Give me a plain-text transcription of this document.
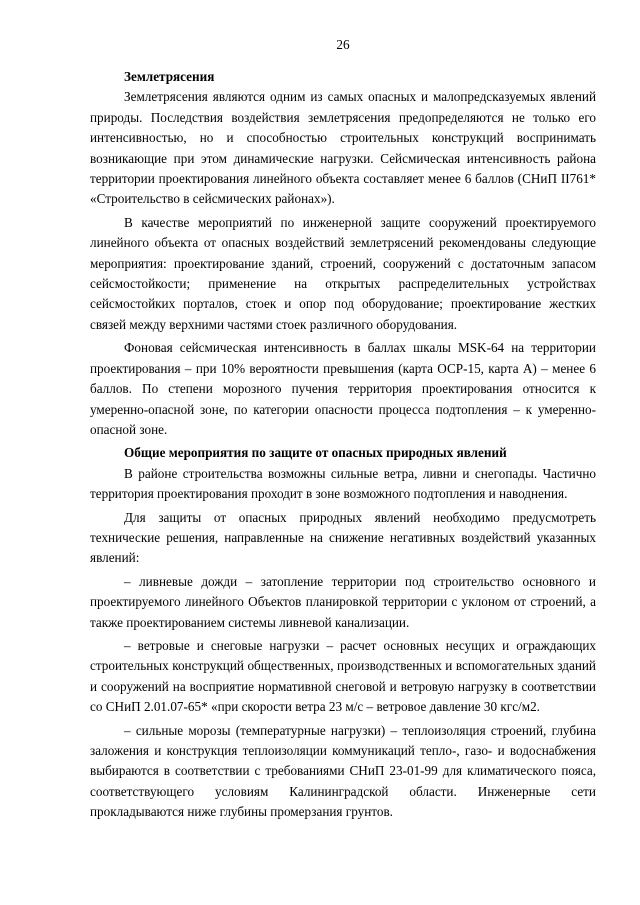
26
Землетрясения

Землетрясения являются одним из самых опасных и малопредсказуемых явлений природы. Последствия воздействия землетрясения предопределяются не только его интенсивностью, но и способностью строительных конструкций воспринимать возникающие при этом динамические нагрузки. Сейсмическая интенсивность района территории проектирования линейного объекта составляет менее 6 баллов (СНиП II761* «Строительство в сейсмических районах»).

В качестве мероприятий по инженерной защите сооружений проектируемого линейного объекта от опасных воздействий землетрясений рекомендованы следующие мероприятия: проектирование зданий, строений, сооружений с достаточным запасом сейсмостойкости; применение на открытых распределительных устройствах сейсмостойких порталов, стоек и опор под оборудование; проектирование жестких связей между верхними частями стоек различного оборудования.

Фоновая сейсмическая интенсивность в баллах шкалы MSK-64 на территории проектирования – при 10% вероятности превышения (карта ОСР-15, карта А) – менее 6 баллов. По степени морозного пучения территория проектирования относится к умеренно-опасной зоне, по категории опасности процесса подтопления – к умеренно-опасной зоне.

Общие мероприятия по защите от опасных природных явлений

В районе строительства возможны сильные ветра, ливни и снегопады. Частично территория проектирования проходит в зоне возможного подтопления и наводнения.

Для защиты от опасных природных явлений необходимо предусмотреть технические решения, направленные на снижение негативных воздействий указанных явлений:

– ливневые дожди – затопление территории под строительство основного и проектируемого линейного Объектов планировкой территории с уклоном от строений, а также проектированием системы ливневой канализации.

– ветровые и снеговые нагрузки – расчет основных несущих и ограждающих строительных конструкций общественных, производственных и вспомогательных зданий и сооружений на восприятие нормативной снеговой и ветровую нагрузку в соответствии со СНиП 2.01.07-65* «при скорости ветра 23 м/с – ветровое давление 30 кгс/м2.

– сильные морозы (температурные нагрузки) – теплоизоляция строений, глубина заложения и конструкция теплоизоляции коммуникаций тепло-, газо- и водоснабжения выбираются в соответствии с требованиями СНиП 23-01-99 для климатического пояса, соответствующего условиям Калининградской области. Инженерные сети прокладываются ниже глубины промерзания грунтов.
